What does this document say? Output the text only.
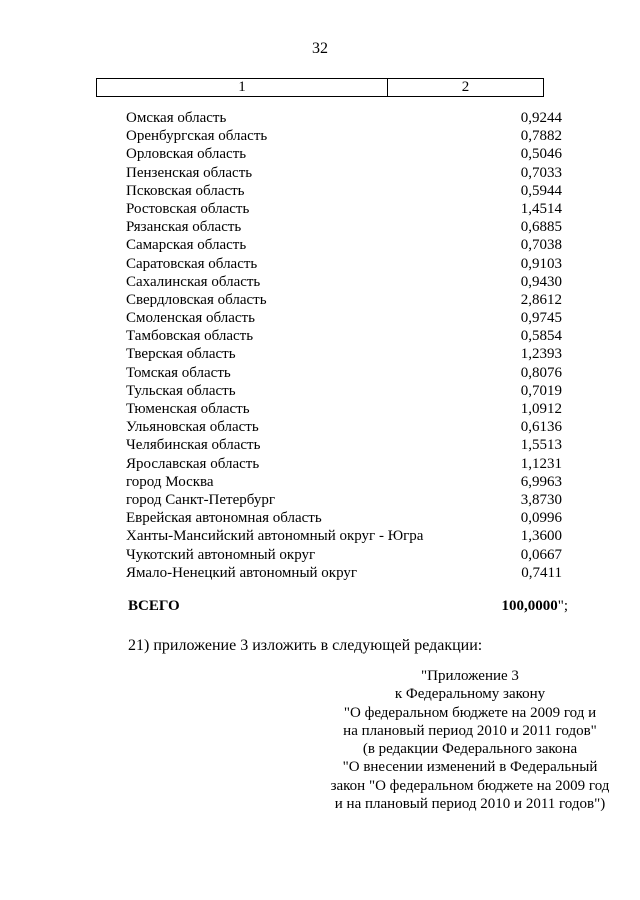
32
1	2
Омская область	0,9244
Оренбургская область	0,7882
Орловская область	0,5046
Пензенская область	0,7033
Псковская область	0,5944
Ростовская область	1,4514
Рязанская область	0,6885
Самарская область	0,7038
Саратовская область	0,9103
Сахалинская область	0,9430
Свердловская область	2,8612
Смоленская область	0,9745
Тамбовская область	0,5854
Тверская область	1,2393
Томская область	0,8076
Тульская область	0,7019
Тюменская область	1,0912
Ульяновская область	0,6136
Челябинская область	1,5513
Ярославская область	1,1231
город Москва	6,9963
город Санкт-Петербург	3,8730
Еврейская автономная область	0,0996
Ханты-Мансийский автономный округ - Югра	1,3600
Чукотский автономный округ	0,0667
Ямало-Ненецкий автономный округ	0,7411
ВСЕГО	100,0000";
21) приложение 3 изложить в следующей редакции:
"Приложение 3
к Федеральному закону
"О федеральном бюджете на 2009 год и
на плановый период 2010 и 2011 годов"
(в редакции Федерального закона
"О внесении изменений в Федеральный
закон "О федеральном бюджете на 2009 год
и на плановый период 2010 и 2011 годов")
